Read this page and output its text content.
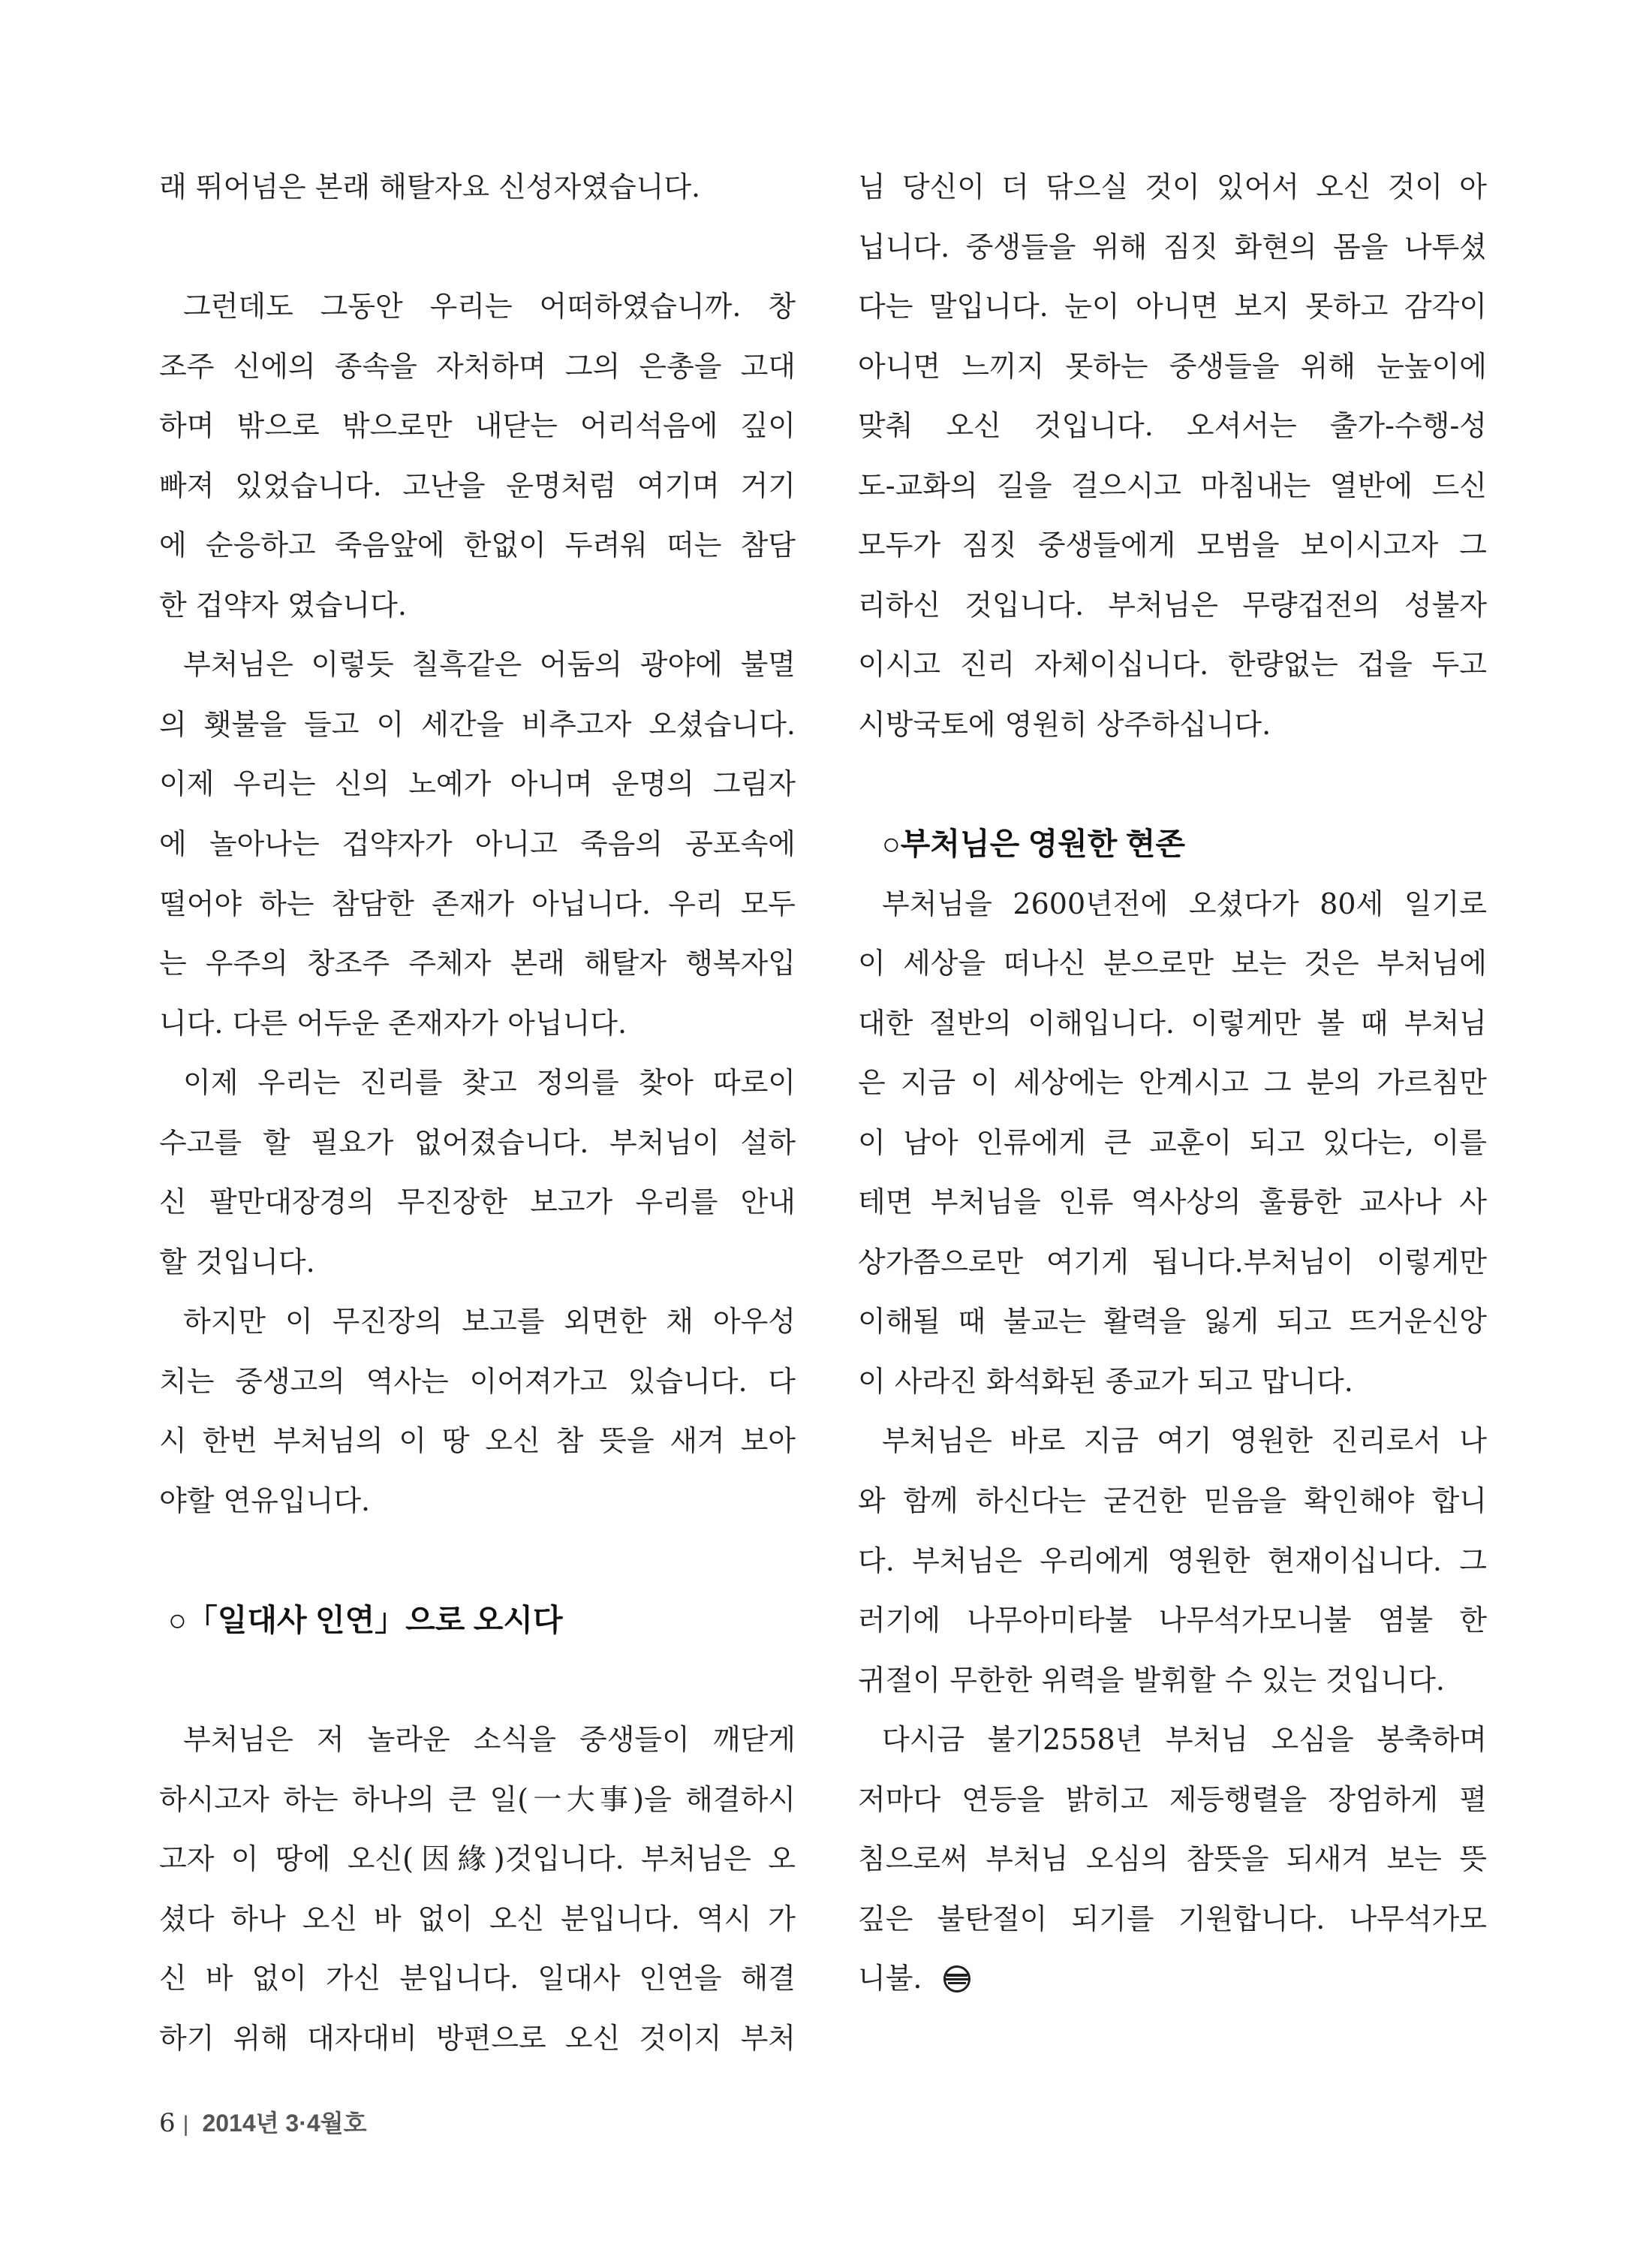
래 뛰어넘은 본래 해탈자요 신성자였습니다.
그런데도 그동안 우리는 어떠하였습니까. 창
조주 신에의 종속을 자처하며 그의 은총을 고대
하며 밖으로 밖으로만 내닫는 어리석음에 깊이
빠져 있었습니다. 고난을 운명처럼 여기며 거기
에 순응하고 죽음앞에 한없이 두려워 떠는 참담
한 겁약자 였습니다.
부처님은 이렇듯 칠흑같은 어둠의 광야에 불멸
의 횃불을 들고 이 세간을 비추고자 오셨습니다.
이제 우리는 신의 노예가 아니며 운명의 그림자
에 놀아나는 겁약자가 아니고 죽음의 공포속에
떨어야 하는 참담한 존재가 아닙니다. 우리 모두
는 우주의 창조주 주체자 본래 해탈자 행복자입
니다. 다른 어두운 존재자가 아닙니다.
이제 우리는 진리를 찾고 정의를 찾아 따로이
수고를 할 필요가 없어졌습니다. 부처님이 설하
신 팔만대장경의 무진장한 보고가 우리를 안내
할 것입니다.
하지만 이 무진장의 보고를 외면한 채 아우성
치는 중생고의 역사는 이어져가고 있습니다. 다
시 한번 부처님의 이 땅 오신 참 뜻을 새겨 보아
야할 연유입니다.
○「일대사 인연」으로 오시다
부처님은 저 놀라운 소식을 중생들이 깨닫게
하시고자 하는 하나의 큰 일(一大事)을 해결하시
고자 이 땅에 오신(因緣)것입니다. 부처님은 오
셨다 하나 오신 바 없이 오신 분입니다. 역시 가
신 바 없이 가신 분입니다. 일대사 인연을 해결
하기 위해 대자대비 방편으로 오신 것이지 부처
님 당신이 더 닦으실 것이 있어서 오신 것이 아
닙니다. 중생들을 위해 짐짓 화현의 몸을 나투셨
다는 말입니다. 눈이 아니면 보지 못하고 감각이
아니면 느끼지 못하는 중생들을 위해 눈높이에
맞춰 오신 것입니다. 오셔서는 출가-수행-성
도-교화의 길을 걸으시고 마침내는 열반에 드신
모두가 짐짓 중생들에게 모범을 보이시고자 그
리하신 것입니다. 부처님은 무량겁전의 성불자
이시고 진리 자체이십니다. 한량없는 겁을 두고
시방국토에 영원히 상주하십니다.
○부처님은 영원한 현존
부처님을 2600년전에 오셨다가 80세 일기로
이 세상을 떠나신 분으로만 보는 것은 부처님에
대한 절반의 이해입니다. 이렇게만 볼 때 부처님
은 지금 이 세상에는 안계시고 그 분의 가르침만
이 남아 인류에게 큰 교훈이 되고 있다는, 이를
테면 부처님을 인류 역사상의 훌륭한 교사나 사
상가쯤으로만 여기게 됩니다.부처님이 이렇게만
이해될 때 불교는 활력을 잃게 되고 뜨거운신앙
이 사라진 화석화된 종교가 되고 맙니다.
부처님은 바로 지금 여기 영원한 진리로서 나
와 함께 하신다는 굳건한 믿음을 확인해야 합니
다. 부처님은 우리에게 영원한 현재이십니다. 그
러기에 나무아미타불 나무석가모니불 염불 한
귀절이 무한한 위력을 발휘할 수 있는 것입니다.
다시금 불기2558년 부처님 오심을 봉축하며
저마다 연등을 밝히고 제등행렬을 장엄하게 펼
침으로써 부처님 오심의 참뜻을 되새겨 보는 뜻
깊은 불탄절이 되기를 기원합니다. 나무석가모
니불.
6 | 2014년 3·4월호
